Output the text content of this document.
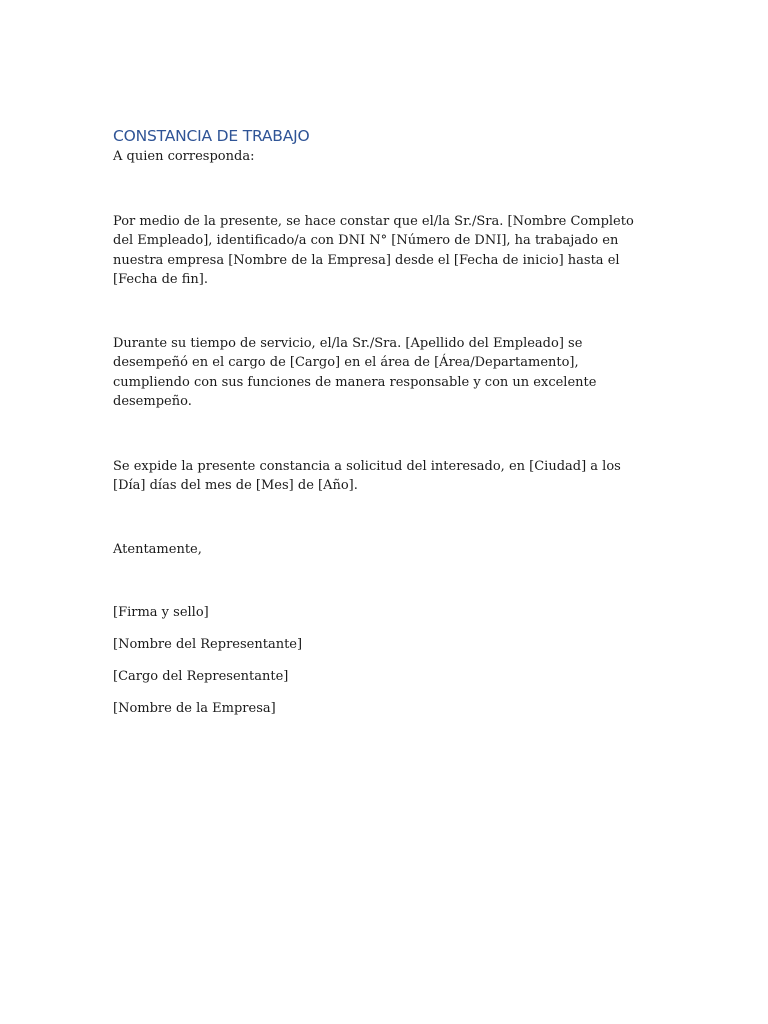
CONSTANCIA DE TRABAJO

A quien corresponda:

Por medio de la presente, se hace constar que el/la Sr./Sra. [Nombre Completo del Empleado], identificado/a con DNI N° [Número de DNI], ha trabajado en nuestra empresa [Nombre de la Empresa] desde el [Fecha de inicio] hasta el [Fecha de fin].

Durante su tiempo de servicio, el/la Sr./Sra. [Apellido del Empleado] se desempeñó en el cargo de [Cargo] en el área de [Área/Departamento], cumpliendo con sus funciones de manera responsable y con un excelente desempeño.

Se expide la presente constancia a solicitud del interesado, en [Ciudad] a los [Día] días del mes de [Mes] de [Año].

Atentamente,

[Firma y sello]

[Nombre del Representante]

[Cargo del Representante]

[Nombre de la Empresa]
